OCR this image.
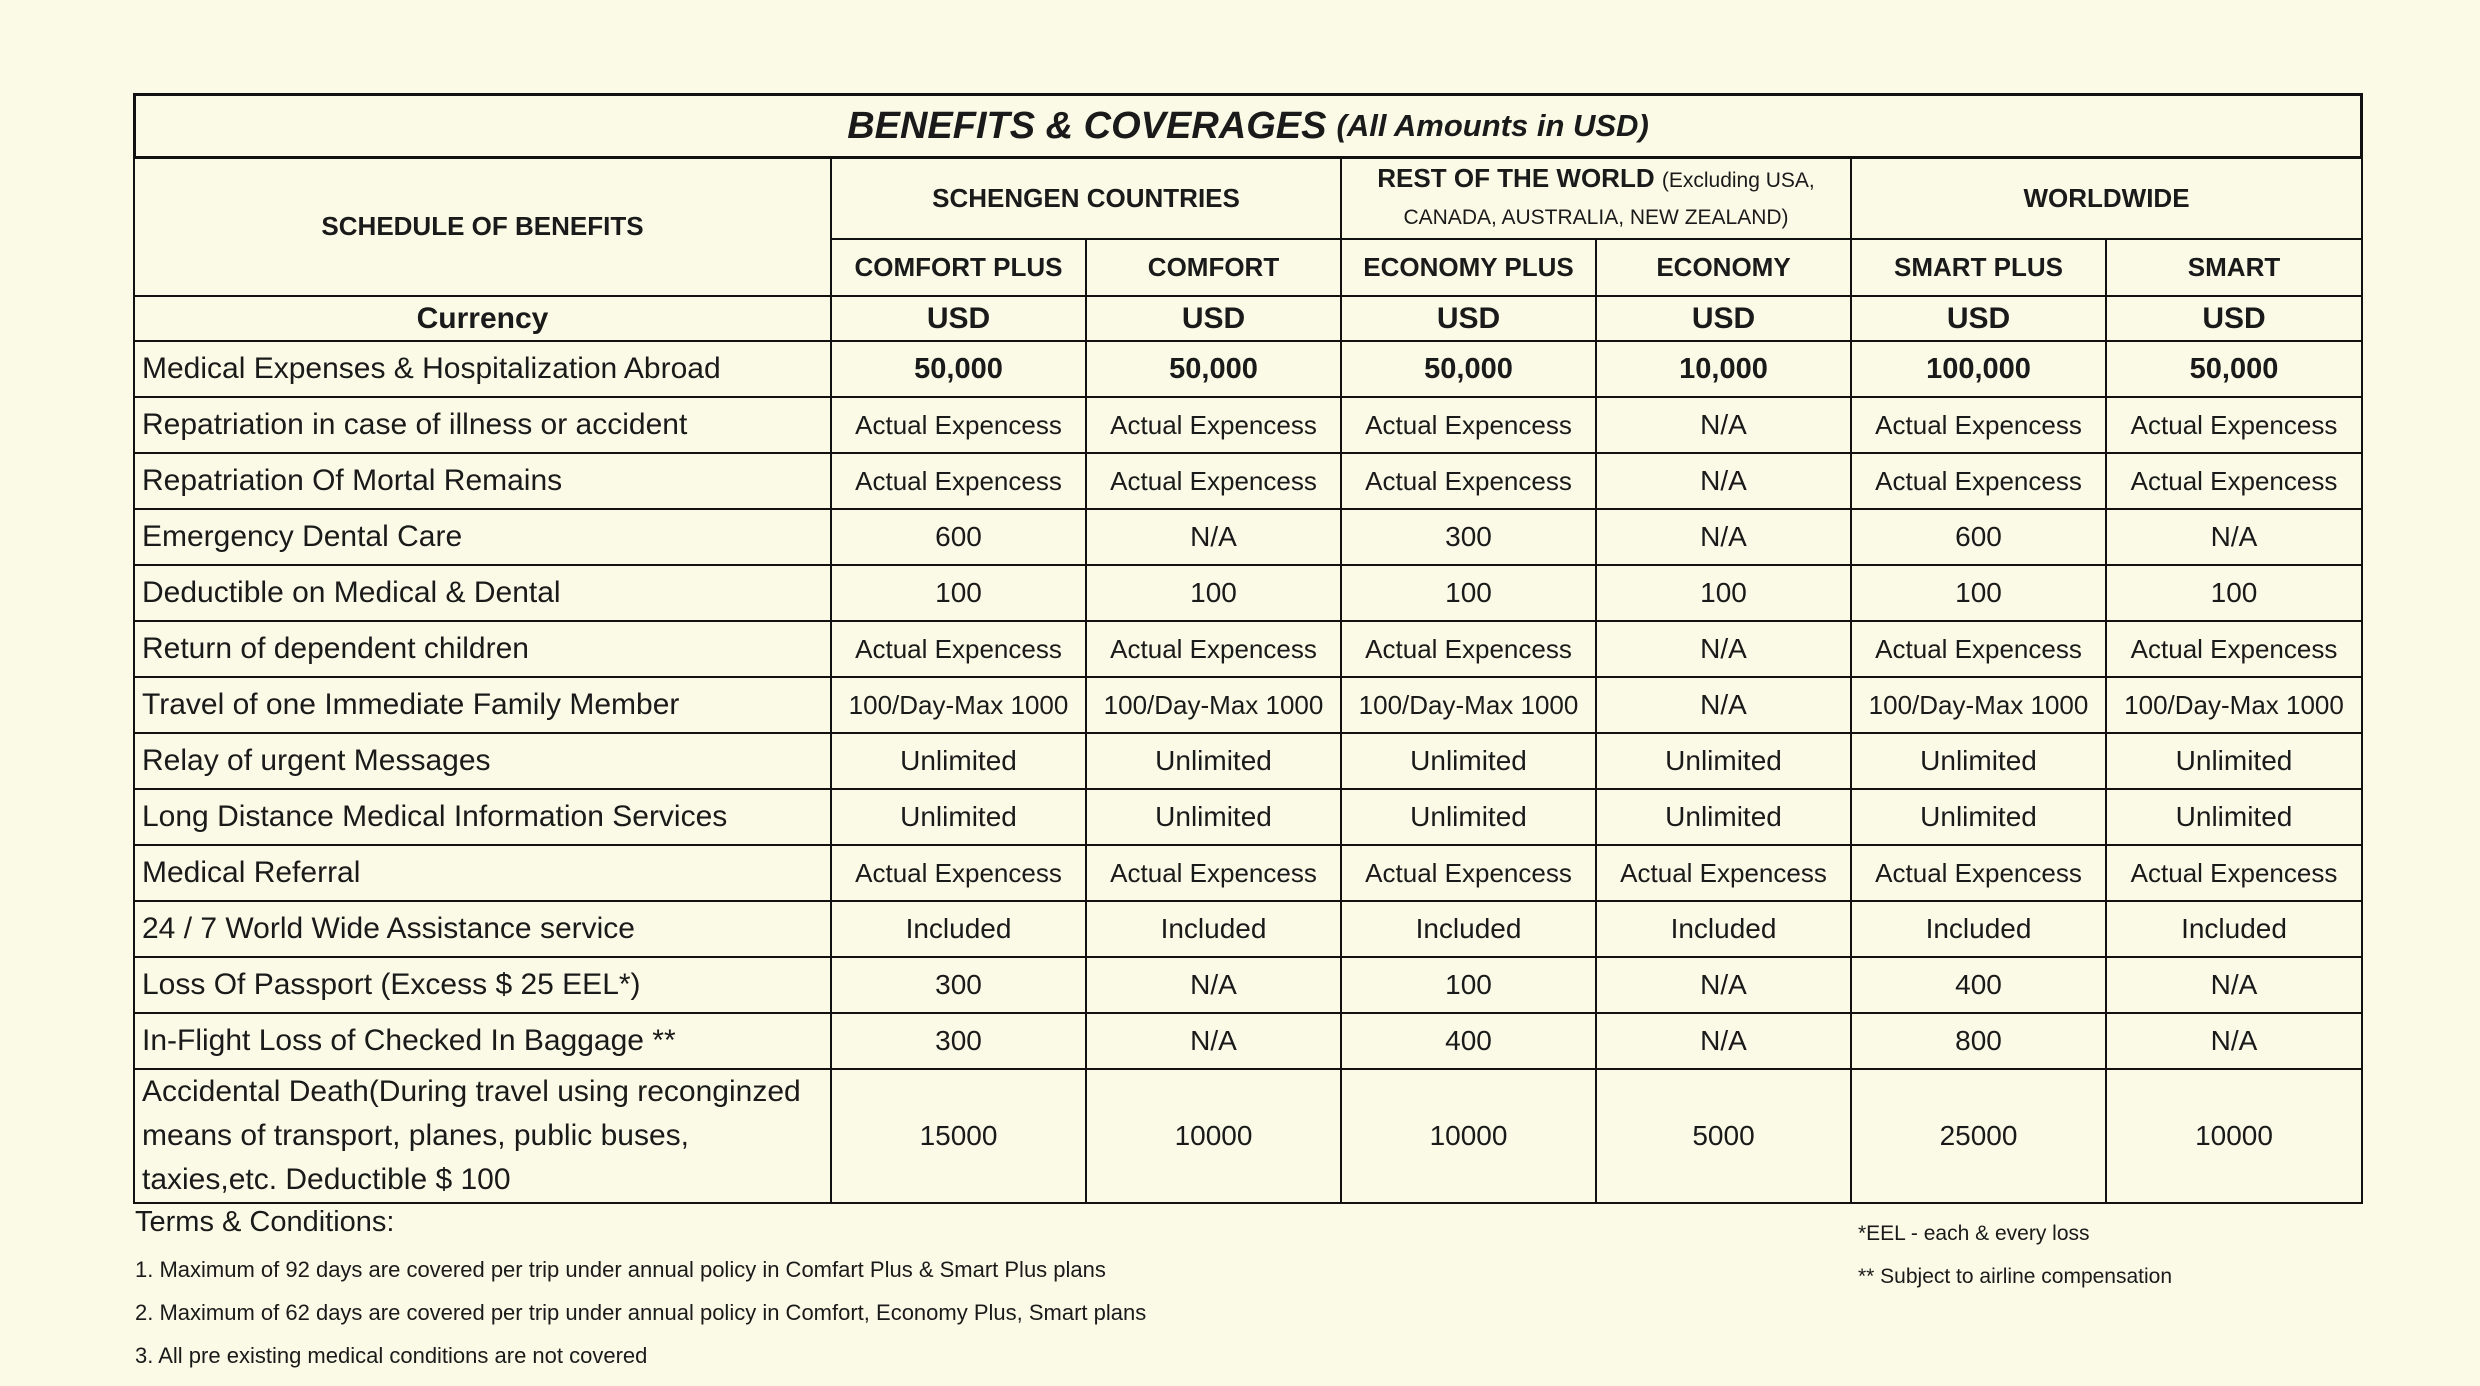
BENEFITS & COVERAGES (All Amounts in USD)
SCHEDULE OF BENEFITS	SCHENGEN COUNTRIES		REST OF THE WORLD (Excluding USA,
CANADA, AUSTRALIA, NEW ZEALAND)		WORLDWIDE	
	COMFORT PLUS	COMFORT	ECONOMY PLUS	ECONOMY	SMART PLUS	SMART
Currency	USD	USD	USD	USD	USD	USD
Medical Expenses & Hospitalization Abroad	50,000	50,000	50,000	10,000	100,000	50,000
Repatriation in case of illness or accident	Actual Expencess	Actual Expencess	Actual Expencess	N/A	Actual Expencess	Actual Expencess
Repatriation Of Mortal Remains	Actual Expencess	Actual Expencess	Actual Expencess	N/A	Actual Expencess	Actual Expencess
Emergency Dental Care	600	N/A	300	N/A	600	N/A
Deductible on Medical & Dental	100	100	100	100	100	100
Return of dependent children	Actual Expencess	Actual Expencess	Actual Expencess	N/A	Actual Expencess	Actual Expencess
Travel of one Immediate Family Member	100/Day-Max 1000	100/Day-Max 1000	100/Day-Max 1000	N/A	100/Day-Max 1000	100/Day-Max 1000
Relay of urgent Messages	Unlimited	Unlimited	Unlimited	Unlimited	Unlimited	Unlimited
Long Distance Medical Information Services	Unlimited	Unlimited	Unlimited	Unlimited	Unlimited	Unlimited
Medical Referral	Actual Expencess	Actual Expencess	Actual Expencess	Actual Expencess	Actual Expencess	Actual Expencess
24 / 7 World Wide Assistance service	Included	Included	Included	Included	Included	Included
Loss Of Passport (Excess $ 25 EEL*)	300	N/A	100	N/A	400	N/A
In-Flight Loss of Checked In Baggage **	300	N/A	400	N/A	800	N/A
Accidental Death(During travel using reconginzed means of transport, planes, public buses, taxies,etc. Deductible $ 100	15000	10000	10000	5000	25000	10000
Terms & Conditions:
1. Maximum of 92 days are covered per trip under annual policy in Comfart Plus & Smart Plus plans
2. Maximum of 62 days are covered per trip under annual policy in Comfort, Economy Plus, Smart plans
3. All pre existing medical conditions are not covered
*EEL - each & every loss
** Subject to airline compensation
